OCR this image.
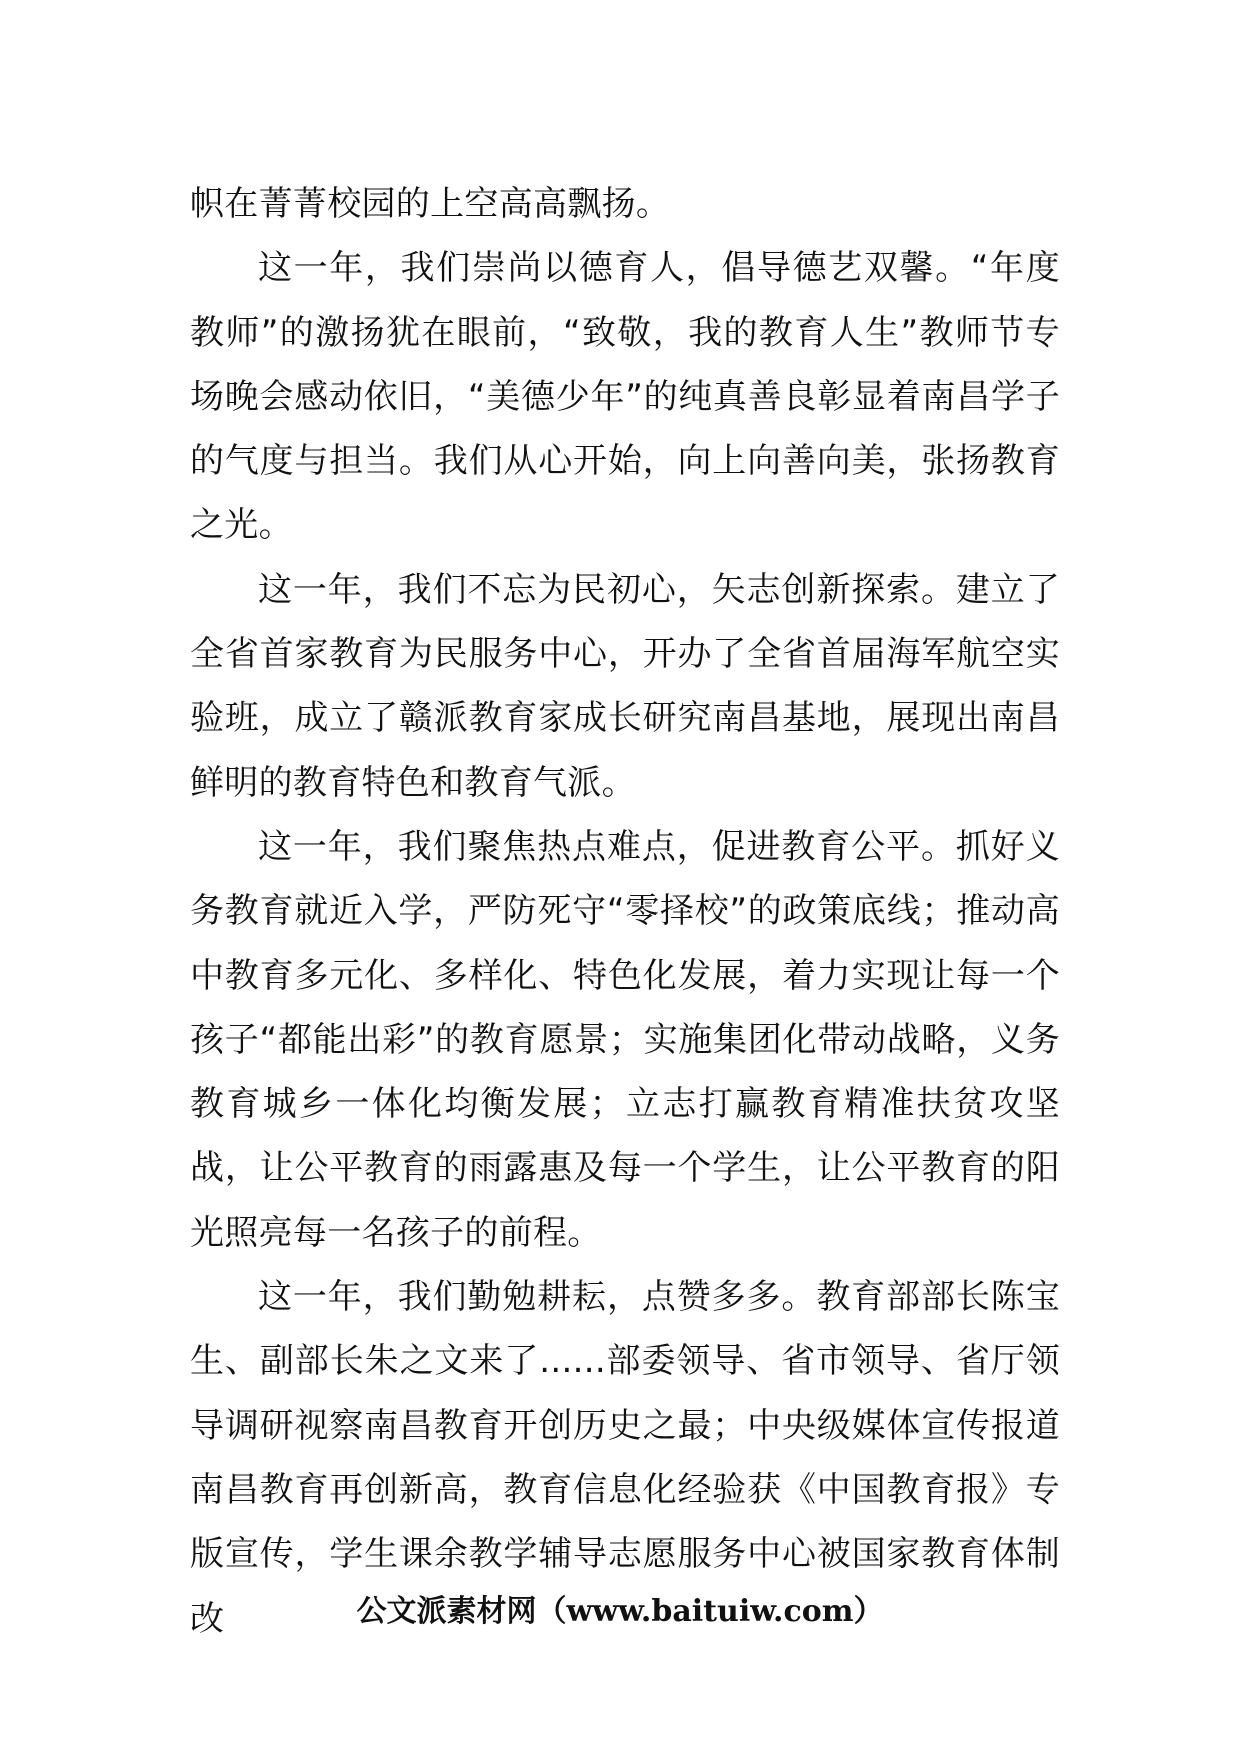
帜在菁菁校园的上空高高飘扬。

这一年，我们崇尚以德育人，倡导德艺双馨。“年度教师”的激扬犹在眼前，“致敬，我的教育人生”教师节专场晚会感动依旧，“美德少年”的纯真善良彰显着南昌学子的气度与担当。我们从心开始，向上向善向美，张扬教育之光。

这一年，我们不忘为民初心，矢志创新探索。建立了全省首家教育为民服务中心，开办了全省首届海军航空实验班，成立了赣派教育家成长研究南昌基地，展现出南昌鲜明的教育特色和教育气派。

这一年，我们聚焦热点难点，促进教育公平。抓好义务教育就近入学，严防死守“零择校”的政策底线；推动高中教育多元化、多样化、特色化发展，着力实现让每一个孩子“都能出彩”的教育愿景；实施集团化带动战略，义务教育城乡一体化均衡发展；立志打赢教育精准扶贫攻坚战，让公平教育的雨露惠及每一个学生，让公平教育的阳光照亮每一名孩子的前程。

这一年，我们勤勉耕耘，点赞多多。教育部部长陈宝生、副部长朱之文来了......部委领导、省市领导、省厅领导调研视察南昌教育开创历史之最；中央级媒体宣传报道南昌教育再创新高，教育信息化经验获《中国教育报》专版宣传，学生课余教学辅导志愿服务中心被国家教育体制改	公文派素材网（www.baituiw.com）
